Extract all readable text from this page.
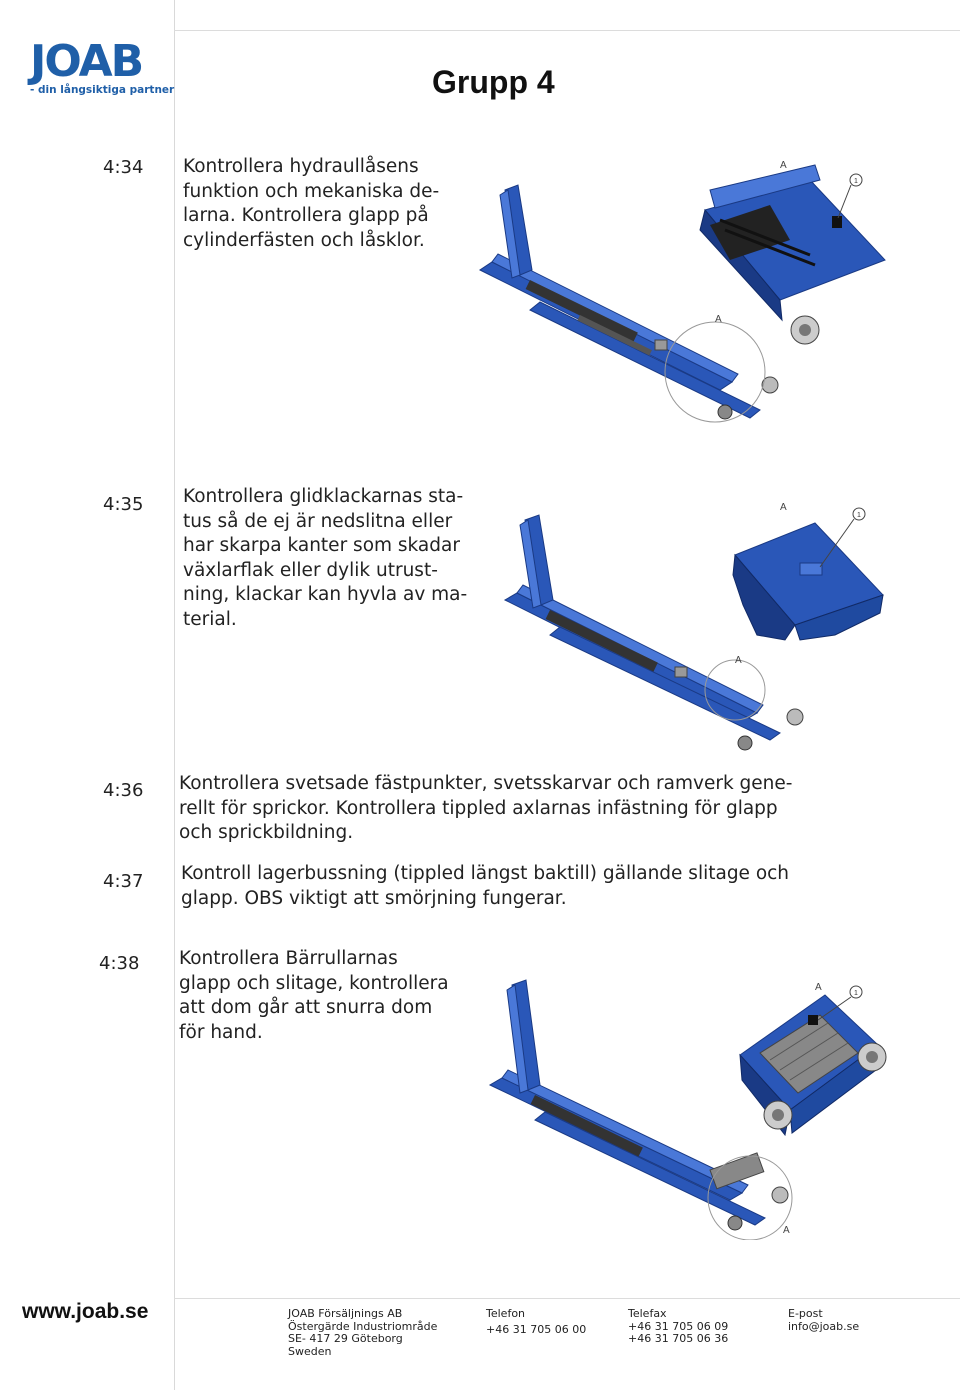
JOAB
- din långsiktiga partner	Grupp 4
4:34 Kontrollera hydraullåsens
funktion och mekaniska de-
larna. Kontrollera glapp på
cylinderfästen och låsklor.
A
A
1
4:35 Kontrollera glidklackarnas sta-
tus så de ej är nedslitna eller
har skarpa kanter som skadar
växlarflak eller dylik utrust-
ning, klackar kan hyvla av ma-
terial.
A
A
1
4:36 Kontrollera svetsade fästpunkter, svetsskarvar och ramverk gene-
rellt för sprickor. Kontrollera tippled axlarnas infästning för glapp
och sprickbildning.
4:37 Kontroll lagerbussning (tippled längst baktill) gällande slitage och
glapp. OBS viktigt att smörjning fungerar.
4:38 Kontrollera Bärrullarnas
glapp och slitage, kontrollera
att dom går att snurra dom
för hand.
A
A
1
www.joab.se	JOAB Försäljnings AB
Östergärde Industriområde
SE- 417 29 Göteborg
Sweden
Telefon
+46 31 705 06 00
Telefax
+46 31 705 06 09
+46 31 705 06 36
E-post
info@joab.se
